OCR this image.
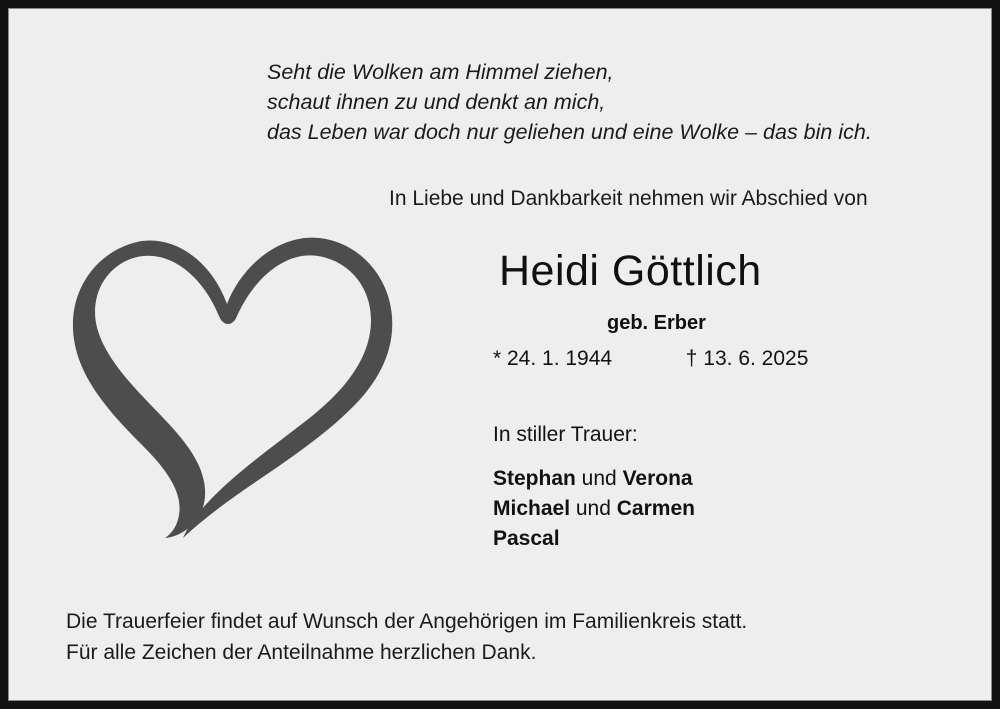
Seht die Wolken am Himmel ziehen,
schaut ihnen zu und denkt an mich,
das Leben war doch nur geliehen und eine Wolke – das bin ich.
In Liebe und Dankbarkeit nehmen wir Abschied von
Heidi Göttlich
geb. Erber
* 24. 1. 1944	† 13. 6. 2025
In stiller Trauer:
Stephan und Verona
Michael und Carmen
Pascal
Die Trauerfeier findet auf Wunsch der Angehörigen im Familienkreis statt.
Für alle Zeichen der Anteilnahme herzlichen Dank.
